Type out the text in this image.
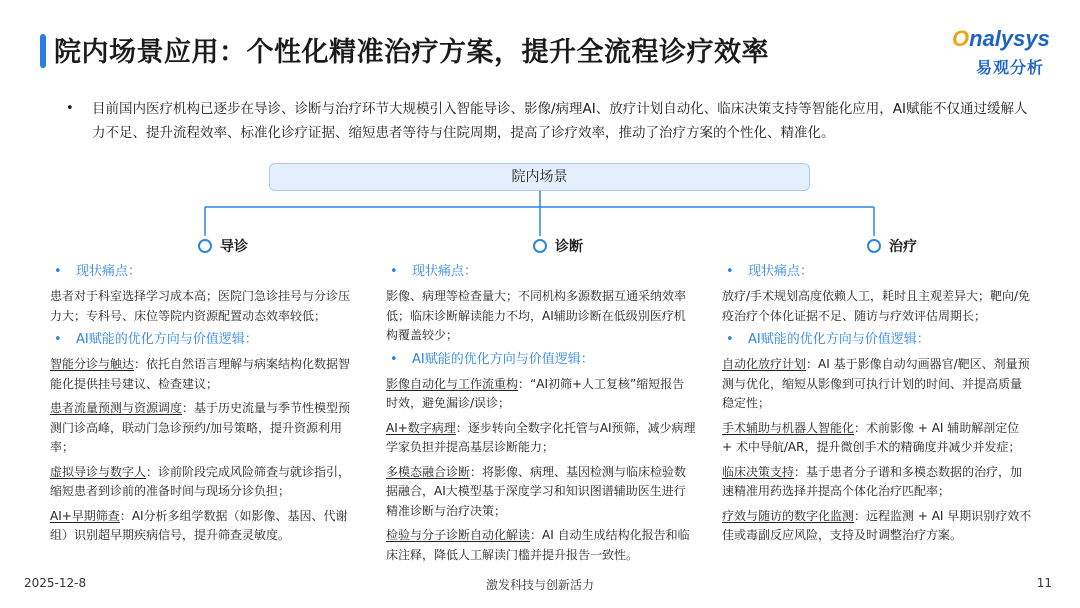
院内场景应用：个性化精准治疗方案，提升全流程诊疗效率	Onalysys
易观分析
•	目前国内医疗机构已逐步在导诊、诊断与治疗环节大规模引入智能导诊、影像/病理AI、放疗计划自动化、临床决策支持等智能化应用，AI赋能不仅通过缓解人力不足、提升流程效率、标准化诊疗证据、缩短患者等待与住院周期，提高了诊疗效率，推动了治疗方案的个性化、精准化。
院内场景
导诊	诊断	治疗
• 现状痛点：
患者对于科室选择学习成本高；医院门急诊挂号与分诊压力大；专科号、床位等院内资源配置动态效率较低；
• AI赋能的优化方向与价值逻辑：
智能分诊与触达：依托自然语言理解与病案结构化数据智能化提供挂号建议、检查建议；
患者流量预测与资源调度：基于历史流量与季节性模型预测门诊高峰，联动门急诊预约/加号策略，提升资源利用率；
虚拟导诊与数字人：诊前阶段完成风险筛查与就诊指引，缩短患者到诊前的准备时间与现场分诊负担；
AI+早期筛查：AI分析多组学数据（如影像、基因、代谢组）识别超早期疾病信号，提升筛查灵敏度。
• 现状痛点：
影像、病理等检查量大；不同机构多源数据互通采纳效率低；临床诊断解读能力不均，AI辅助诊断在低级别医疗机构覆盖较少；
• AI赋能的优化方向与价值逻辑：
影像自动化与工作流重构：“AI初筛+人工复核”缩短报告时效，避免漏诊/误诊；
AI+数字病理：逐步转向全数字化托管与AI预筛，减少病理学家负担并提高基层诊断能力；
多模态融合诊断：将影像、病理、基因检测与临床检验数据融合，AI大模型基于深度学习和知识图谱辅助医生进行精准诊断与治疗决策；
检验与分子诊断自动化解读：AI 自动生成结构化报告和临床注释，降低人工解读门槛并提升报告一致性。
• 现状痛点：
放疗/手术规划高度依赖人工，耗时且主观差异大；靶向/免疫治疗个体化证据不足、随访与疗效评估周期长；
• AI赋能的优化方向与价值逻辑：
自动化放疗计划：AI 基于影像自动勾画器官/靶区、剂量预测与优化，缩短从影像到可执行计划的时间、并提高质量稳定性；
手术辅助与机器人智能化：术前影像 + AI 辅助解剖定位 + 术中导航/AR，提升微创手术的精确度并减少并发症；
临床决策支持：基于患者分子谱和多模态数据的治疗，加速精准用药选择并提高个体化治疗匹配率；
疗效与随访的数字化监测：远程监测 + AI 早期识别疗效不佳或毒副反应风险，支持及时调整治疗方案。
2025-12-8	激发科技与创新活力	11
